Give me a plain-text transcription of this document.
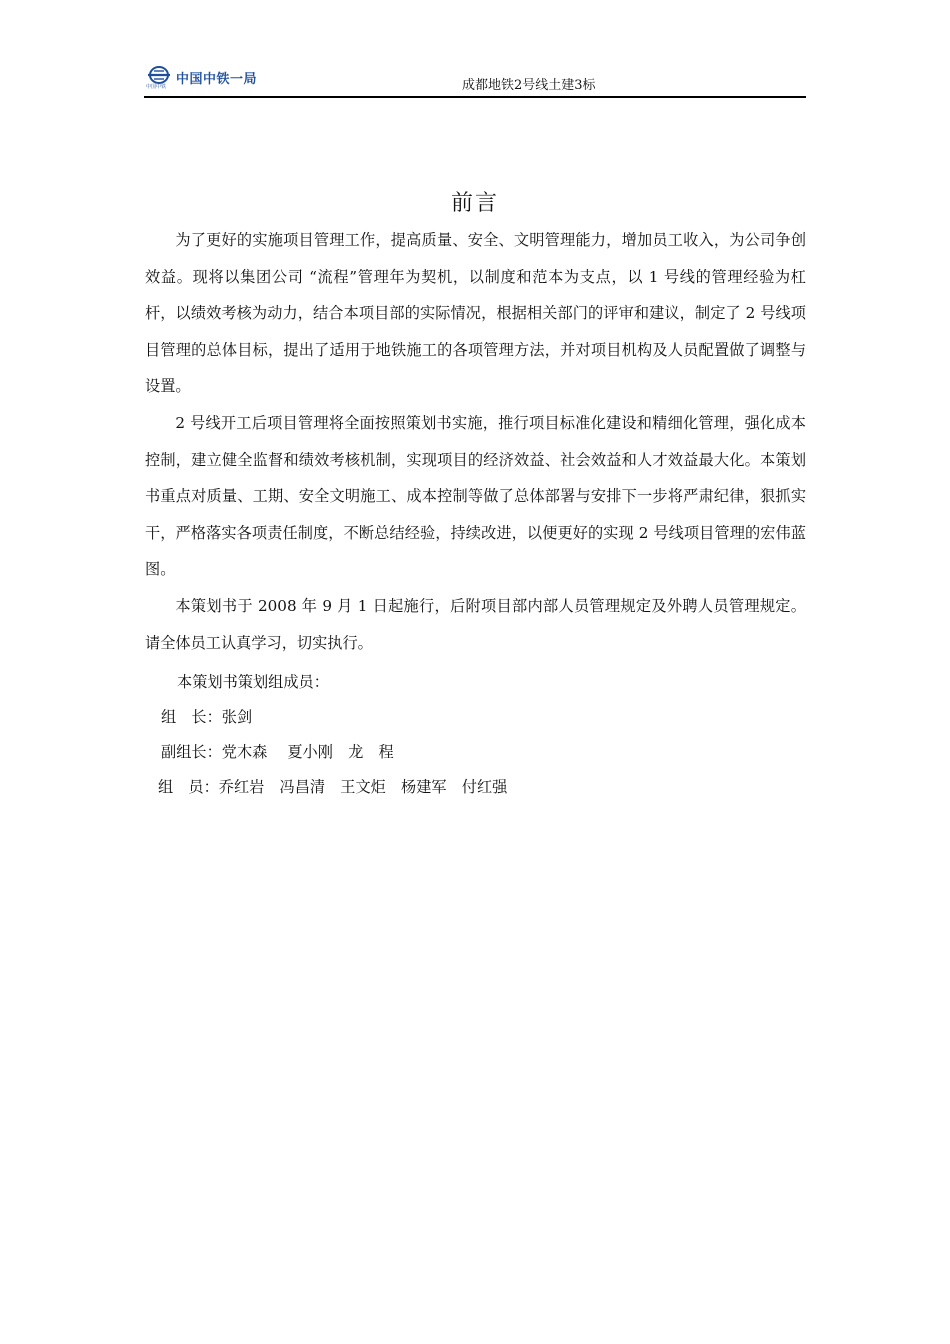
中国中铁一局
中国中铁	成都地铁2号线土建3标
前言

为了更好的实施项目管理工作，提高质量、安全、文明管理能力，增加员工收入，为公司争创效益。现将以集团公司 “流程”管理年为契机，以制度和范本为支点，以 1 号线的管理经验为杠杆，以绩效考核为动力，结合本项目部的实际情况，根据相关部门的评审和建议，制定了 2 号线项目管理的总体目标，提出了适用于地铁施工的各项管理方法，并对项目机构及人员配置做了调整与设置。

2 号线开工后项目管理将全面按照策划书实施，推行项目标准化建设和精细化管理，强化成本控制，建立健全监督和绩效考核机制，实现项目的经济效益、社会效益和人才效益最大化。本策划书重点对质量、工期、安全文明施工、成本控制等做了总体部署与安排下一步将严肃纪律，狠抓实干，严格落实各项责任制度，不断总结经验，持续改进，以便更好的实现 2 号线项目管理的宏伟蓝图。

本策划书于 2008 年 9 月 1 日起施行，后附项目部内部人员管理规定及外聘人员管理规定。请全体员工认真学习，切实执行。

本策划书策划组成员：
组　长：张剑
副组长：党木森　 夏小刚　龙　程
组　员：乔红岩　冯昌清　王文炬　杨建军　付红强
